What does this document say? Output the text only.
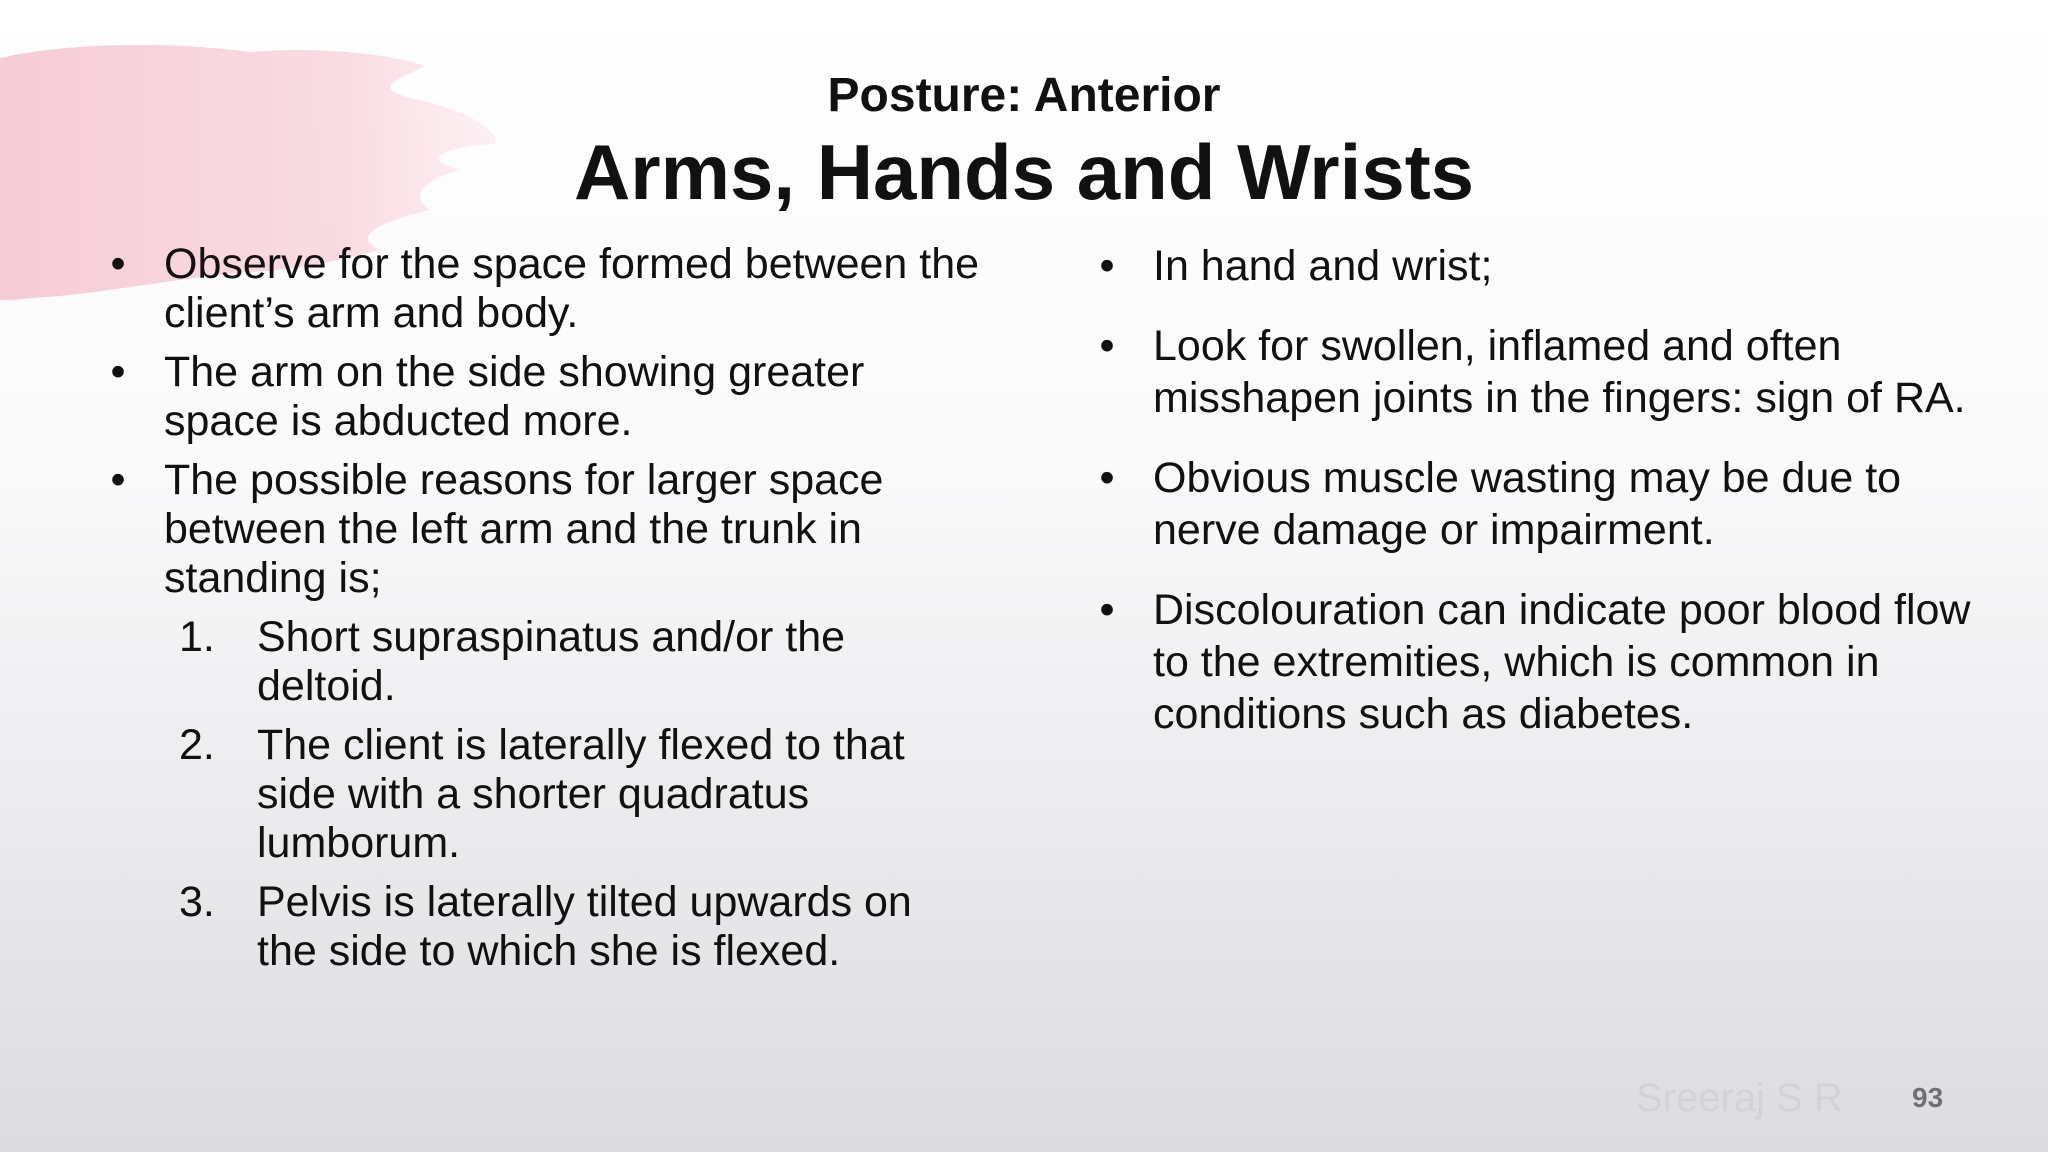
Posture: Anterior
Arms, Hands and Wrists
• Observe for the space formed between the client’s arm and body.
• The arm on the side showing greater space is abducted more.
• The possible reasons for larger space between the left arm and the trunk in standing is;
1. Short supraspinatus and/or the deltoid.
2. The client is laterally flexed to that side with a shorter quadratus lumborum.
3. Pelvis is laterally tilted upwards on the side to which she is flexed.
• In hand and wrist;
• Look for swollen, inflamed and often misshapen joints in the fingers: sign of RA.
• Obvious muscle wasting may be due to nerve damage or impairment.
• Discolouration can indicate poor blood flow to the extremities, which is common in conditions such as diabetes.
Sreeraj S R 93
